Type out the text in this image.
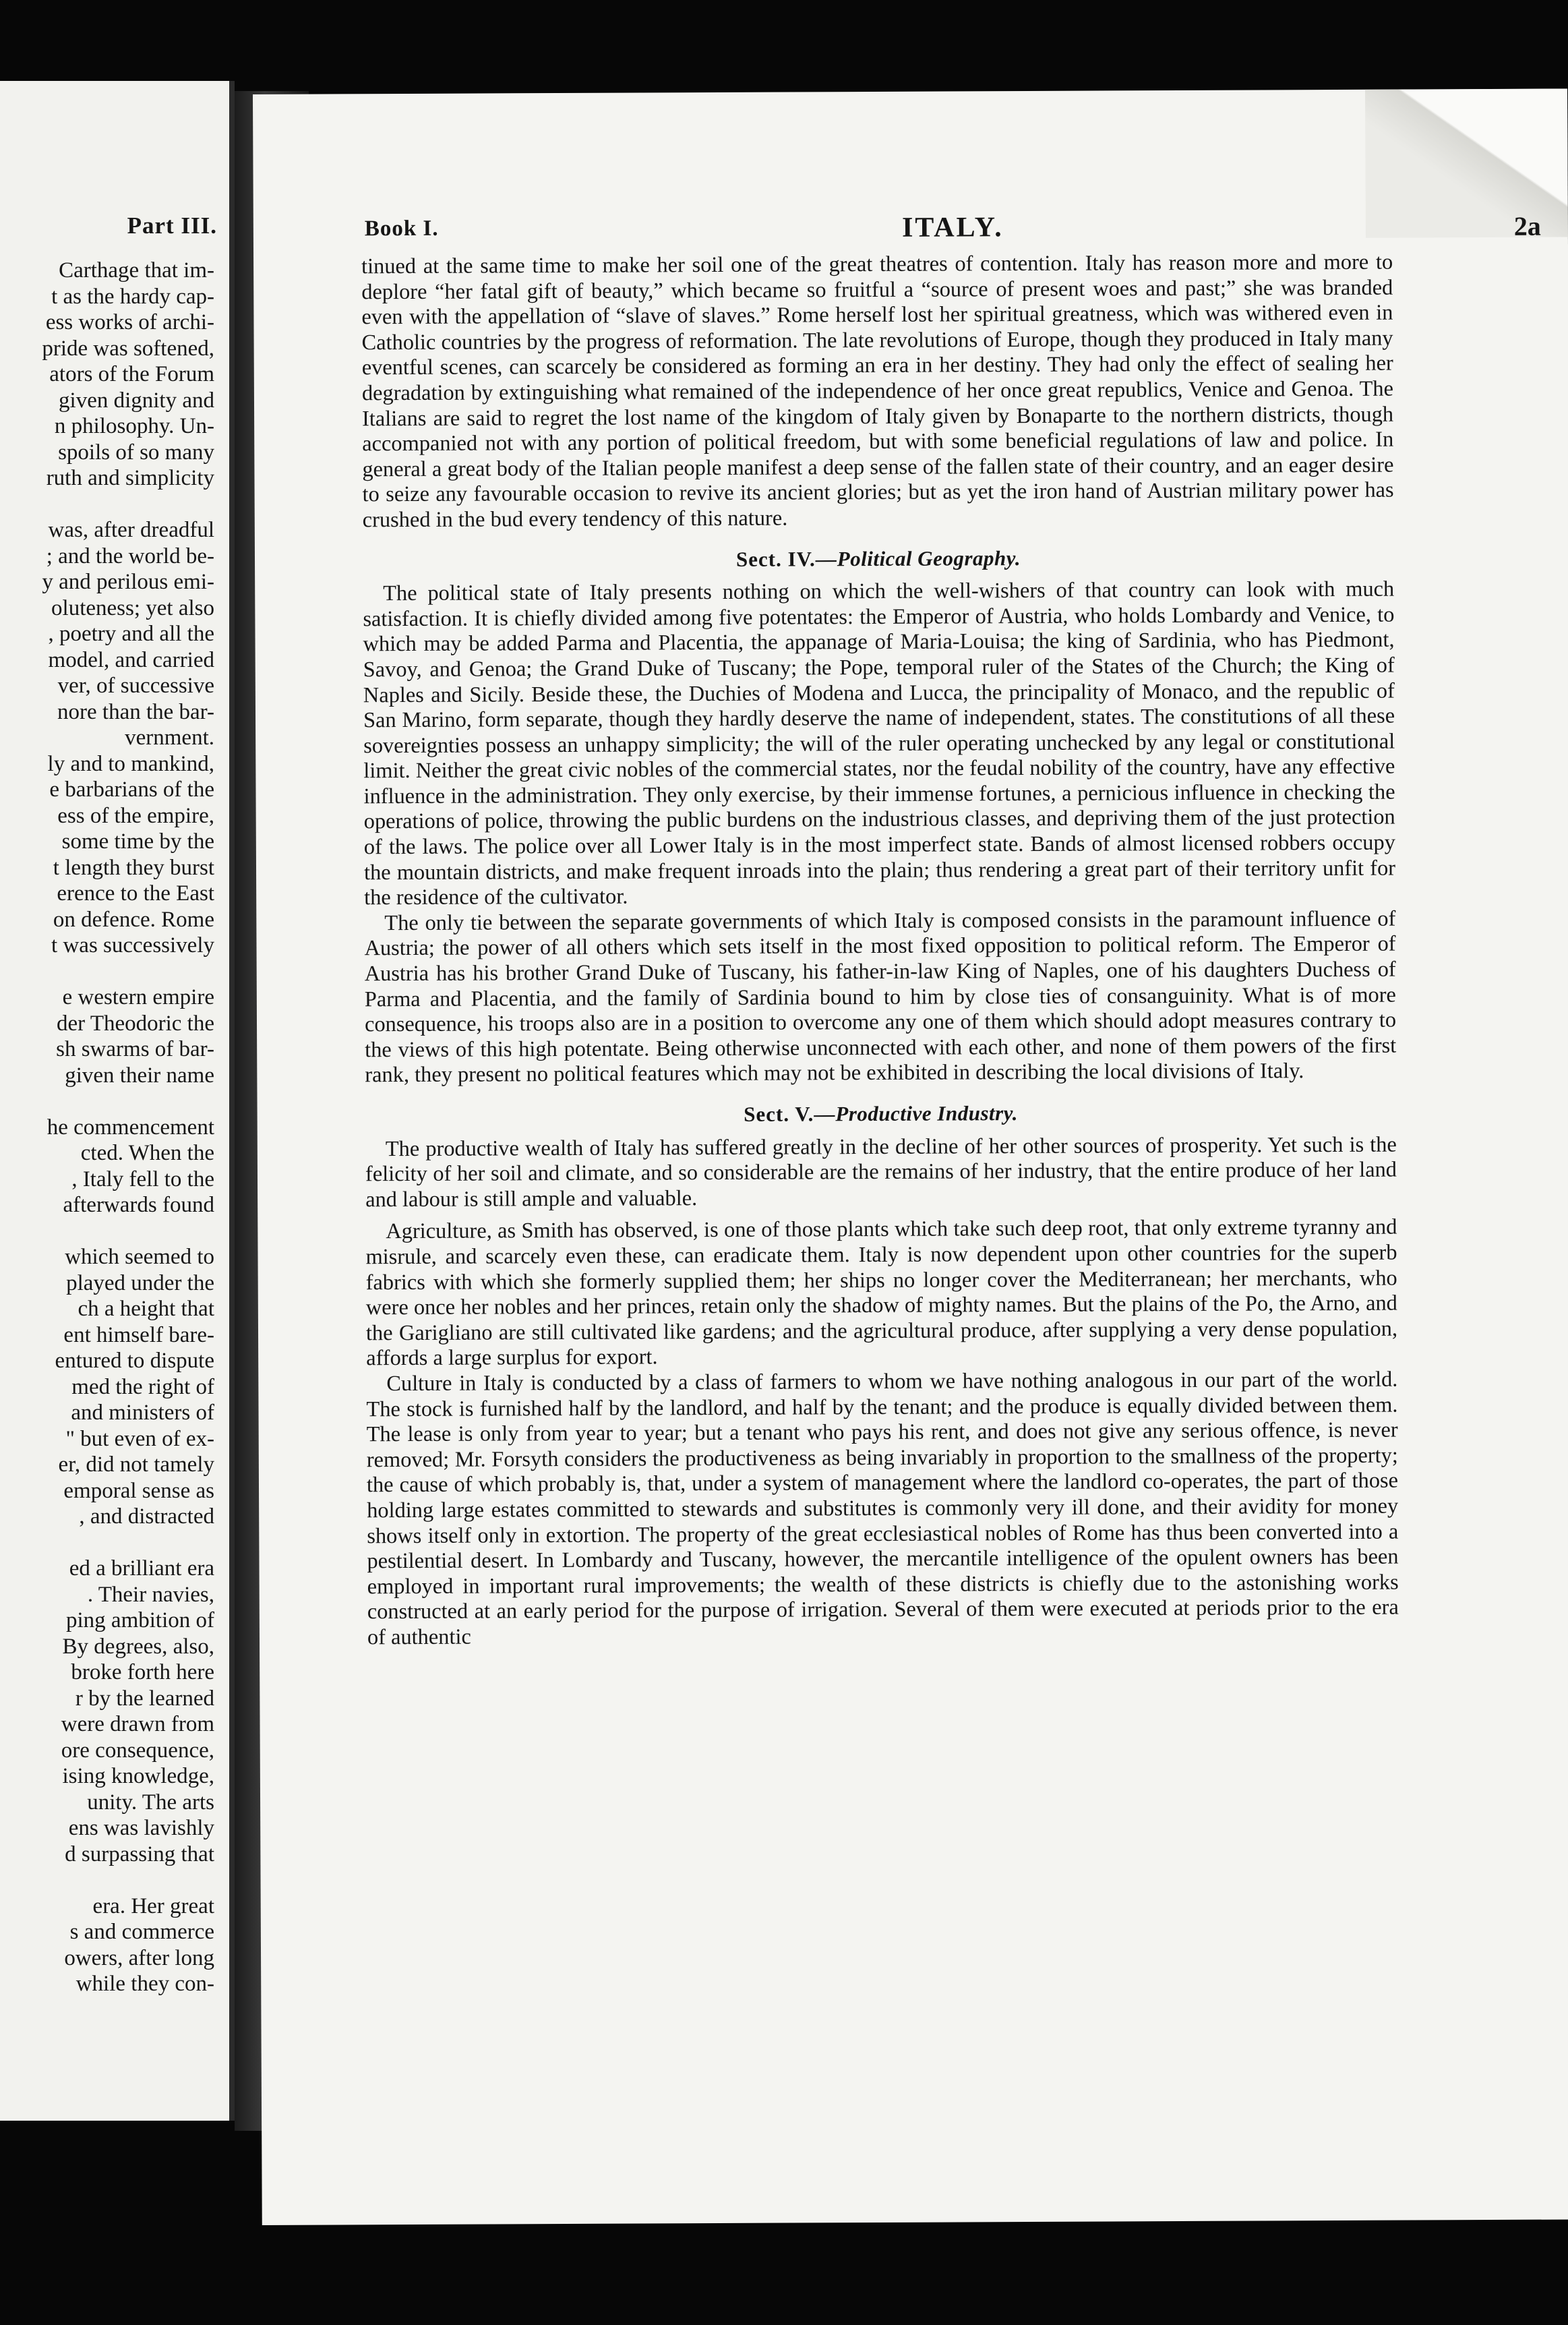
Part III.
Carthage that im-
t as the hardy cap-
ess works of archi-
pride was softened,
ators of the Forum
given dignity and
n philosophy. Un-
spoils of so many
ruth and simplicity
was, after dreadful
; and the world be-
y and perilous emi-
oluteness; yet also
, poetry and all the
model, and carried
ver, of successive
nore than the bar-
vernment.
ly and to mankind,
e barbarians of the
ess of the empire,
some time by the
t length they burst
erence to the East
on defence. Rome
t was successively
e western empire
der Theodoric the
sh swarms of bar-
given their name
he commencement
cted. When the
, Italy fell to the
afterwards found
which seemed to
played under the
ch a height that
ent himself bare-
entured to dispute
med the right of
and ministers of
" but even of ex-
er, did not tamely
emporal sense as
, and distracted
ed a brilliant era
. Their navies,
ping ambition of
By degrees, also,
broke forth here
r by the learned
were drawn from
ore consequence,
ising knowledge,
unity. The arts
ens was lavishly
d surpassing that
era. Her great
s and commerce
owers, after long
while they con-
Book I.	ITALY.	2a

tinued at the same time to make her soil one of the great theatres of contention. Italy has reason more and more to deplore “her fatal gift of beauty,” which became so fruitful a “source of present woes and past;” she was branded even with the appellation of “slave of slaves.” Rome herself lost her spiritual greatness, which was withered even in Catholic countries by the progress of reformation. The late revolutions of Europe, though they produced in Italy many eventful scenes, can scarcely be considered as forming an era in her destiny. They had only the effect of sealing her degradation by extinguishing what remained of the independence of her once great republics, Venice and Genoa. The Italians are said to regret the lost name of the kingdom of Italy given by Bonaparte to the northern districts, though accompanied not with any portion of political freedom, but with some beneficial regulations of law and police. In general a great body of the Italian people manifest a deep sense of the fallen state of their country, and an eager desire to seize any favourable occasion to revive its ancient glories; but as yet the iron hand of Austrian military power has crushed in the bud every tendency of this nature.

Sect. IV.—Political Geography.

The political state of Italy presents nothing on which the well-wishers of that country can look with much satisfaction. It is chiefly divided among five potentates: the Emperor of Austria, who holds Lombardy and Venice, to which may be added Parma and Placentia, the appanage of Maria-Louisa; the king of Sardinia, who has Piedmont, Savoy, and Genoa; the Grand Duke of Tuscany; the Pope, temporal ruler of the States of the Church; the King of Naples and Sicily. Beside these, the Duchies of Modena and Lucca, the principality of Monaco, and the republic of San Marino, form separate, though they hardly deserve the name of independent, states. The constitutions of all these sovereignties possess an unhappy simplicity; the will of the ruler operating unchecked by any legal or constitutional limit. Neither the great civic nobles of the commercial states, nor the feudal nobility of the country, have any effective influence in the administration. They only exercise, by their immense fortunes, a pernicious influence in checking the operations of police, throwing the public burdens on the industrious classes, and depriving them of the just protection of the laws. The police over all Lower Italy is in the most imperfect state. Bands of almost licensed robbers occupy the mountain districts, and make frequent inroads into the plain; thus rendering a great part of their territory unfit for the residence of the cultivator.

The only tie between the separate governments of which Italy is composed consists in the paramount influence of Austria; the power of all others which sets itself in the most fixed opposition to political reform. The Emperor of Austria has his brother Grand Duke of Tuscany, his father-in-law King of Naples, one of his daughters Duchess of Parma and Placentia, and the family of Sardinia bound to him by close ties of consanguinity. What is of more consequence, his troops also are in a position to overcome any one of them which should adopt measures contrary to the views of this high potentate. Being otherwise unconnected with each other, and none of them powers of the first rank, they present no political features which may not be exhibited in describing the local divisions of Italy.

Sect. V.—Productive Industry.

The productive wealth of Italy has suffered greatly in the decline of her other sources of prosperity. Yet such is the felicity of her soil and climate, and so considerable are the remains of her industry, that the entire produce of her land and labour is still ample and valuable.

Agriculture, as Smith has observed, is one of those plants which take such deep root, that only extreme tyranny and misrule, and scarcely even these, can eradicate them. Italy is now dependent upon other countries for the superb fabrics with which she formerly supplied them; her ships no longer cover the Mediterranean; her merchants, who were once her nobles and her princes, retain only the shadow of mighty names. But the plains of the Po, the Arno, and the Garigliano are still cultivated like gardens; and the agricultural produce, after supplying a very dense population, affords a large surplus for export.

Culture in Italy is conducted by a class of farmers to whom we have nothing analogous in our part of the world. The stock is furnished half by the landlord, and half by the tenant; and the produce is equally divided between them. The lease is only from year to year; but a tenant who pays his rent, and does not give any serious offence, is never removed; Mr. Forsyth considers the productiveness as being invariably in proportion to the smallness of the property; the cause of which probably is, that, under a system of management where the landlord co-operates, the part of those holding large estates committed to stewards and substitutes is commonly very ill done, and their avidity for money shows itself only in extortion. The property of the great ecclesiastical nobles of Rome has thus been converted into a pestilential desert. In Lombardy and Tuscany, however, the mercantile intelligence of the opulent owners has been employed in important rural improvements; the wealth of these districts is chiefly due to the astonishing works constructed at an early period for the purpose of irrigation. Several of them were executed at periods prior to the era of authentic
